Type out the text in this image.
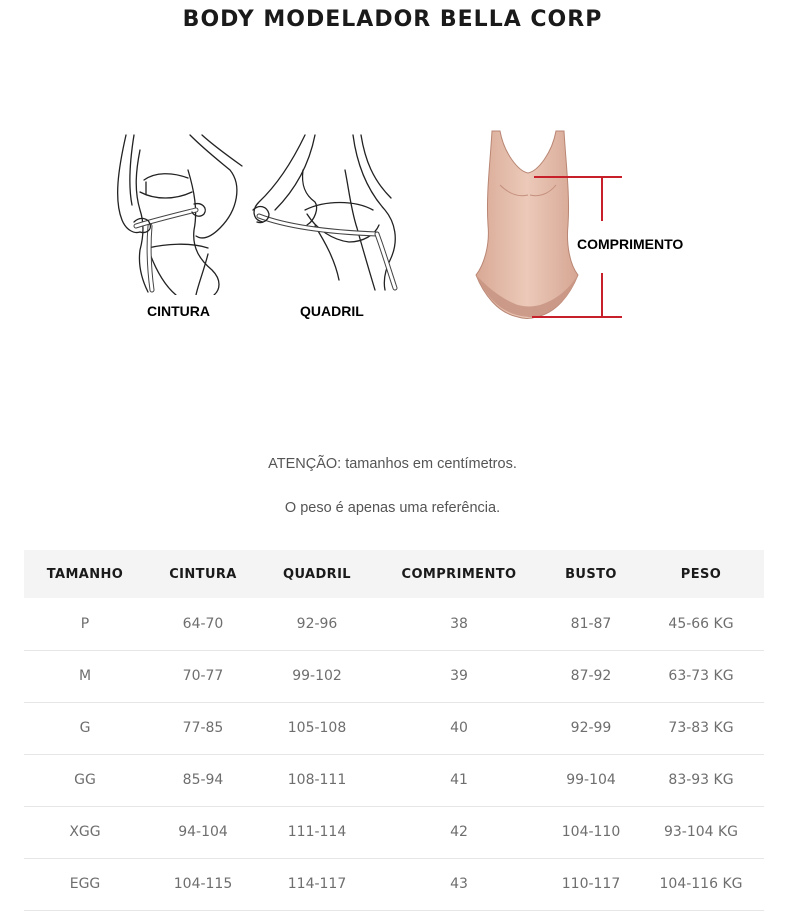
BODY MODELADOR BELLA CORP
CINTURA	QUADRIL
COMPRIMENTO

ATENÇÃO: tamanhos em centímetros.

O peso é apenas uma referência.

TAMANHO	CINTURA	QUADRIL	COMPRIMENTO	BUSTO	PESO
P	64-70	92-96	38	81-87	45-66 KG
M	70-77	99-102	39	87-92	63-73 KG
G	77-85	105-108	40	92-99	73-83 KG
GG	85-94	108-111	41	99-104	83-93 KG
XGG	94-104	111-114	42	104-110	93-104 KG
EGG	104-115	114-117	43	110-117	104-116 KG
